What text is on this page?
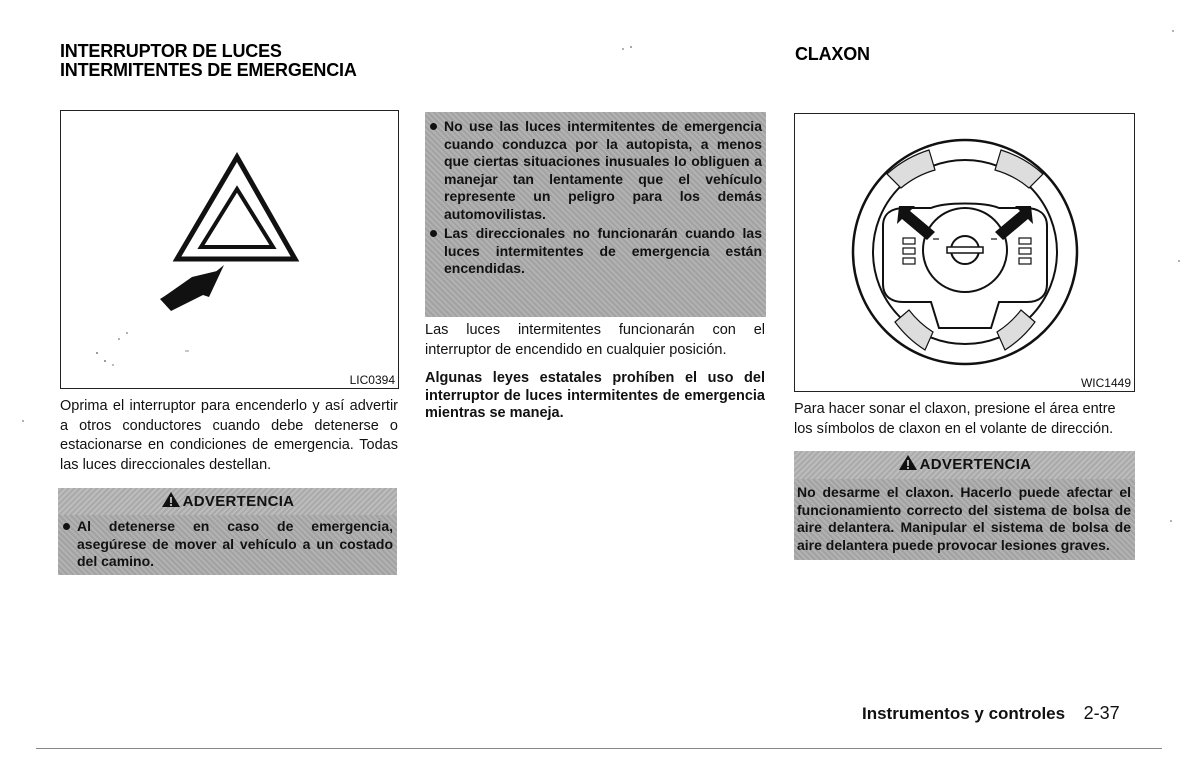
INTERRUPTOR DE LUCES
INTERMITENTES DE EMERGENCIA
LIC0394
Oprima el interruptor para encenderlo y así advertir a otros conductores cuando debe detenerse o estacionarse en condiciones de emergencia. Todas las luces direccionales destellan.
ADVERTENCIA
Al detenerse en caso de emergencia, asegúrese de mover al vehículo a un costado del camino.
No use las luces intermitentes de emergencia cuando conduzca por la autopista, a menos que ciertas situaciones inusuales lo obliguen a manejar tan lentamente que el vehículo represente un peligro para los demás automovilistas.
Las direccionales no funcionarán cuando las luces intermitentes de emergencia están encendidas.
Las luces intermitentes funcionarán con el interruptor de encendido en cualquier posición.
Algunas leyes estatales prohíben el uso del interruptor de luces intermitentes de emergencia mientras se maneja.
CLAXON
WIC1449
Para hacer sonar el claxon, presione el área entre los símbolos de claxon en el volante de dirección.
ADVERTENCIA
No desarme el claxon. Hacerlo puede afectar el funcionamiento correcto del sistema de bolsa de aire delantera. Manipular el sistema de bolsa de aire delantera puede provocar lesiones graves.
Instrumentos y controles 2-37
